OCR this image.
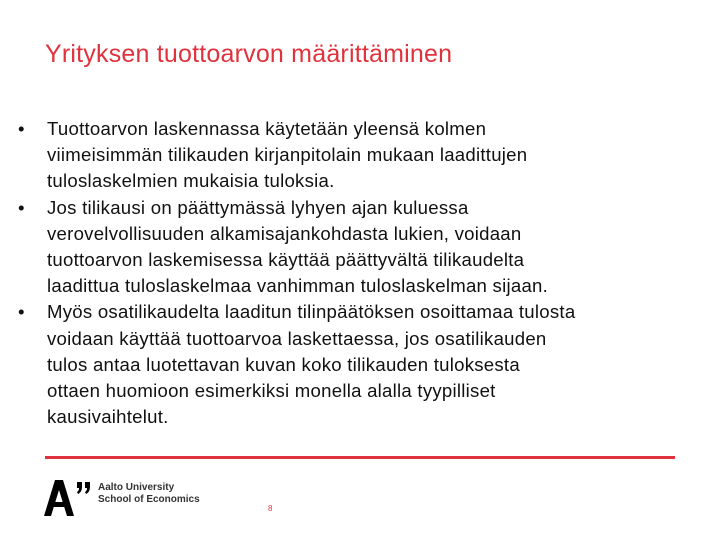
Yrityksen tuottoarvon määrittäminen
• Tuottoarvon laskennassa käytetään yleensä kolmen
viimeisimmän tilikauden kirjanpitolain mukaan laadittujen
tuloslaskelmien mukaisia tuloksia.
• Jos tilikausi on päättymässä lyhyen ajan kuluessa
verovelvollisuuden alkamisajankohdasta lukien, voidaan
tuottoarvon laskemisessa käyttää päättyvältä tilikaudelta
laadittua tuloslaskelmaa vanhimman tuloslaskelman sijaan.
• Myös osatilikaudelta laaditun tilinpäätöksen osoittamaa tulosta
voidaan käyttää tuottoarvoa laskettaessa, jos osatilikauden
tulos antaa luotettavan kuvan koko tilikauden tuloksesta
ottaen huomioon esimerkiksi monella alalla tyypilliset
kausivaihtelut.
Aalto University
School of Economics
8
